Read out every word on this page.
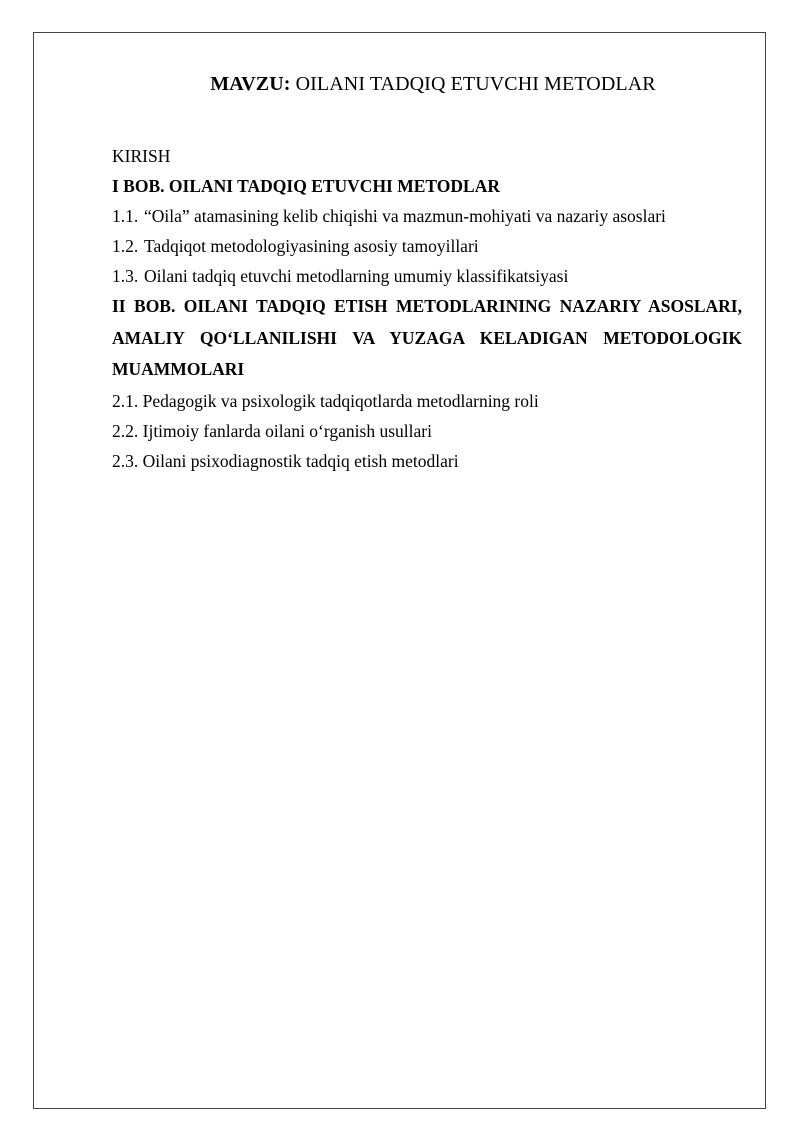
MAVZU: OILANI TADQIQ ETUVCHI METODLAR

KIRISH

I BOB. OILANI TADQIQ ETUVCHI METODLAR

1.1. “Oila” atamasining kelib chiqishi va mazmun-mohiyati va nazariy asoslari
1.2. Tadqiqot metodologiyasining asosiy tamoyillari
1.3. Oilani tadqiq etuvchi metodlarning umumiy klassifikatsiyasi

II BOB. OILANI TADQIQ ETISH METODLARINING NAZARIY ASOSLARI, AMALIY QO‘LLANILISHI VA YUZAGA KELADIGAN METODOLOGIK MUAMMOLARI

2.1. Pedagogik va psixologik tadqiqotlarda metodlarning roli

2.2. Ijtimoiy fanlarda oilani o‘rganish usullari

2.3. Oilani psixodiagnostik tadqiq etish metodlari
